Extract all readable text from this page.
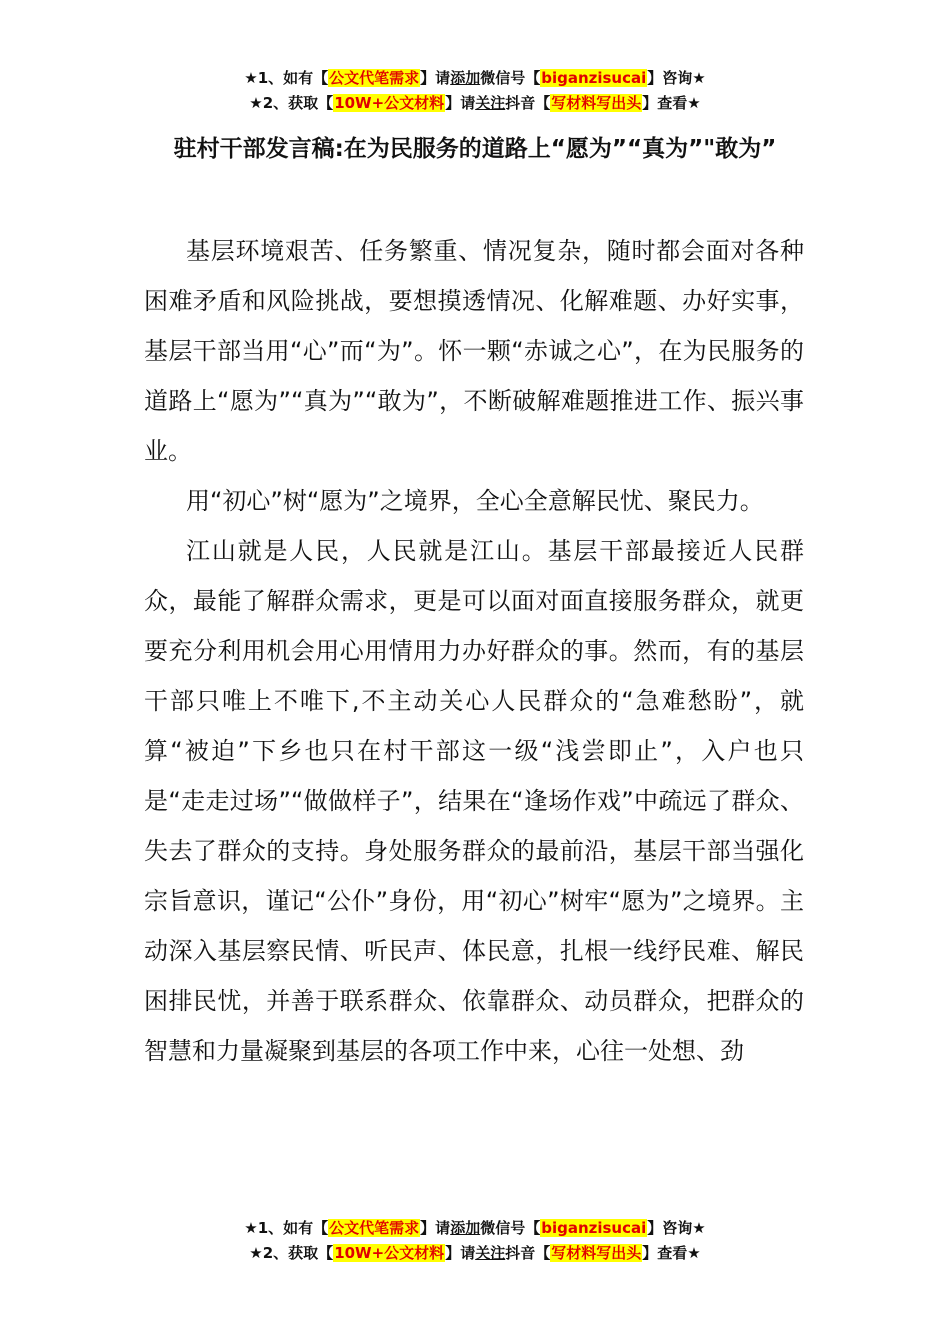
★1、如有【公文代笔需求】请添加微信号【biganzisucai】咨询★
★2、获取【10W+公文材料】请关注抖音【写材料写出头】查看★
驻村干部发言稿:在为民服务的道路上“愿为”“真为”"敢为”

基层环境艰苦、任务繁重、情况复杂，随时都会面对各种困难矛盾和风险挑战，要想摸透情况、化解难题、办好实事，基层干部当用“心”而“为”。怀一颗“赤诚之心”，在为民服务的道路上“愿为”“真为”“敢为”，不断破解难题推进工作、振兴事业。

用“初心”树“愿为”之境界，全心全意解民忧、聚民力。

江山就是人民，人民就是江山。基层干部最接近人民群众，最能了解群众需求，更是可以面对面直接服务群众，就更要充分利用机会用心用情用力办好群众的事。然而，有的基层干部只唯上不唯下,不主动关心人民群众的“急难愁盼”，就算“被迫”下乡也只在村干部这一级“浅尝即止”，入户也只是“走走过场”“做做样子”，结果在“逢场作戏”中疏远了群众、失去了群众的支持。身处服务群众的最前沿，基层干部当强化宗旨意识，谨记“公仆”身份，用“初心”树牢“愿为”之境界。主动深入基层察民情、听民声、体民意，扎根一线纾民难、解民困排民忧，并善于联系群众、依靠群众、动员群众，把群众的智慧和力量凝聚到基层的各项工作中来，心往一处想、劲

★1、如有【公文代笔需求】请添加微信号【biganzisucai】咨询★
★2、获取【10W+公文材料】请关注抖音【写材料写出头】查看★
